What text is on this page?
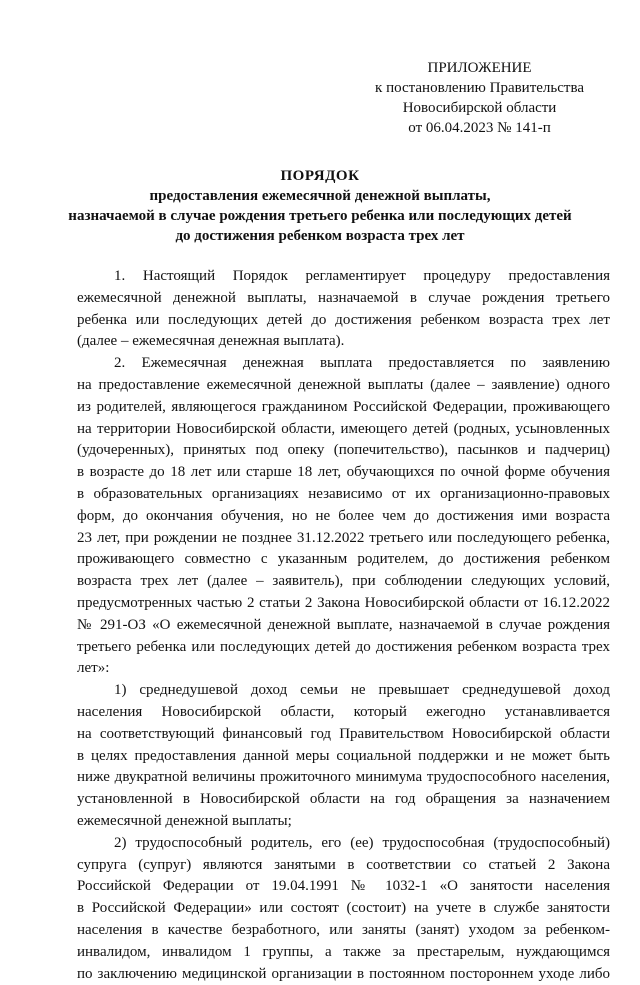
ПРИЛОЖЕНИЕ
к постановлению Правительства
Новосибирской области
от 06.04.2023 № 141-п
ПОРЯДОК
предоставления ежемесячной денежной выплаты,
назначаемой в случае рождения третьего ребенка или последующих детей
до достижения ребенком возраста трех лет

1. Настоящий Порядок регламентирует процедуру предоставления
ежемесячной денежной выплаты, назначаемой в случае рождения третьего
ребенка или последующих детей до достижения ребенком возраста трех лет
(далее – ежемесячная денежная выплата).

2. Ежемесячная денежная выплата предоставляется по заявлению
на предоставление ежемесячной денежной выплаты (далее – заявление) одного
из родителей, являющегося гражданином Российской Федерации, проживающего
на территории Новосибирской области, имеющего детей (родных, усыновленных
(удочеренных), принятых под опеку (попечительство), пасынков и падчериц)
в возрасте до 18 лет или старше 18 лет, обучающихся по очной форме обучения
в образовательных организациях независимо от их организационно-правовых
форм, до окончания обучения, но не более чем до достижения ими возраста
23 лет, при рождении не позднее 31.12.2022 третьего или последующего ребенка,
проживающего совместно с указанным родителем, до достижения ребенком
возраста трех лет (далее – заявитель), при соблюдении следующих условий,
предусмотренных частью 2 статьи 2 Закона Новосибирской области от 16.12.2022
№ 291-ОЗ «О ежемесячной денежной выплате, назначаемой в случае рождения
третьего ребенка или последующих детей до достижения ребенком возраста трех
лет»:

1) среднедушевой доход семьи не превышает среднедушевой доход
населения Новосибирской области, который ежегодно устанавливается
на соответствующий финансовый год Правительством Новосибирской области
в целях предоставления данной меры социальной поддержки и не может быть
ниже двукратной величины прожиточного минимума трудоспособного населения,
установленной в Новосибирской области на год обращения за назначением
ежемесячной денежной выплаты;

2) трудоспособный родитель, его (ее) трудоспособная (трудоспособный)
супруга (супруг) являются занятыми в соответствии со статьей 2 Закона
Российской Федерации от 19.04.1991 № 1032-1 «О занятости населения
в Российской Федерации» или состоят (состоит) на учете в службе занятости
населения в качестве безработного, или заняты (занят) уходом за ребенком-
инвалидом, инвалидом 1 группы, а также за престарелым, нуждающимся
по заключению медицинской организации в постоянном постороннем уходе либо
